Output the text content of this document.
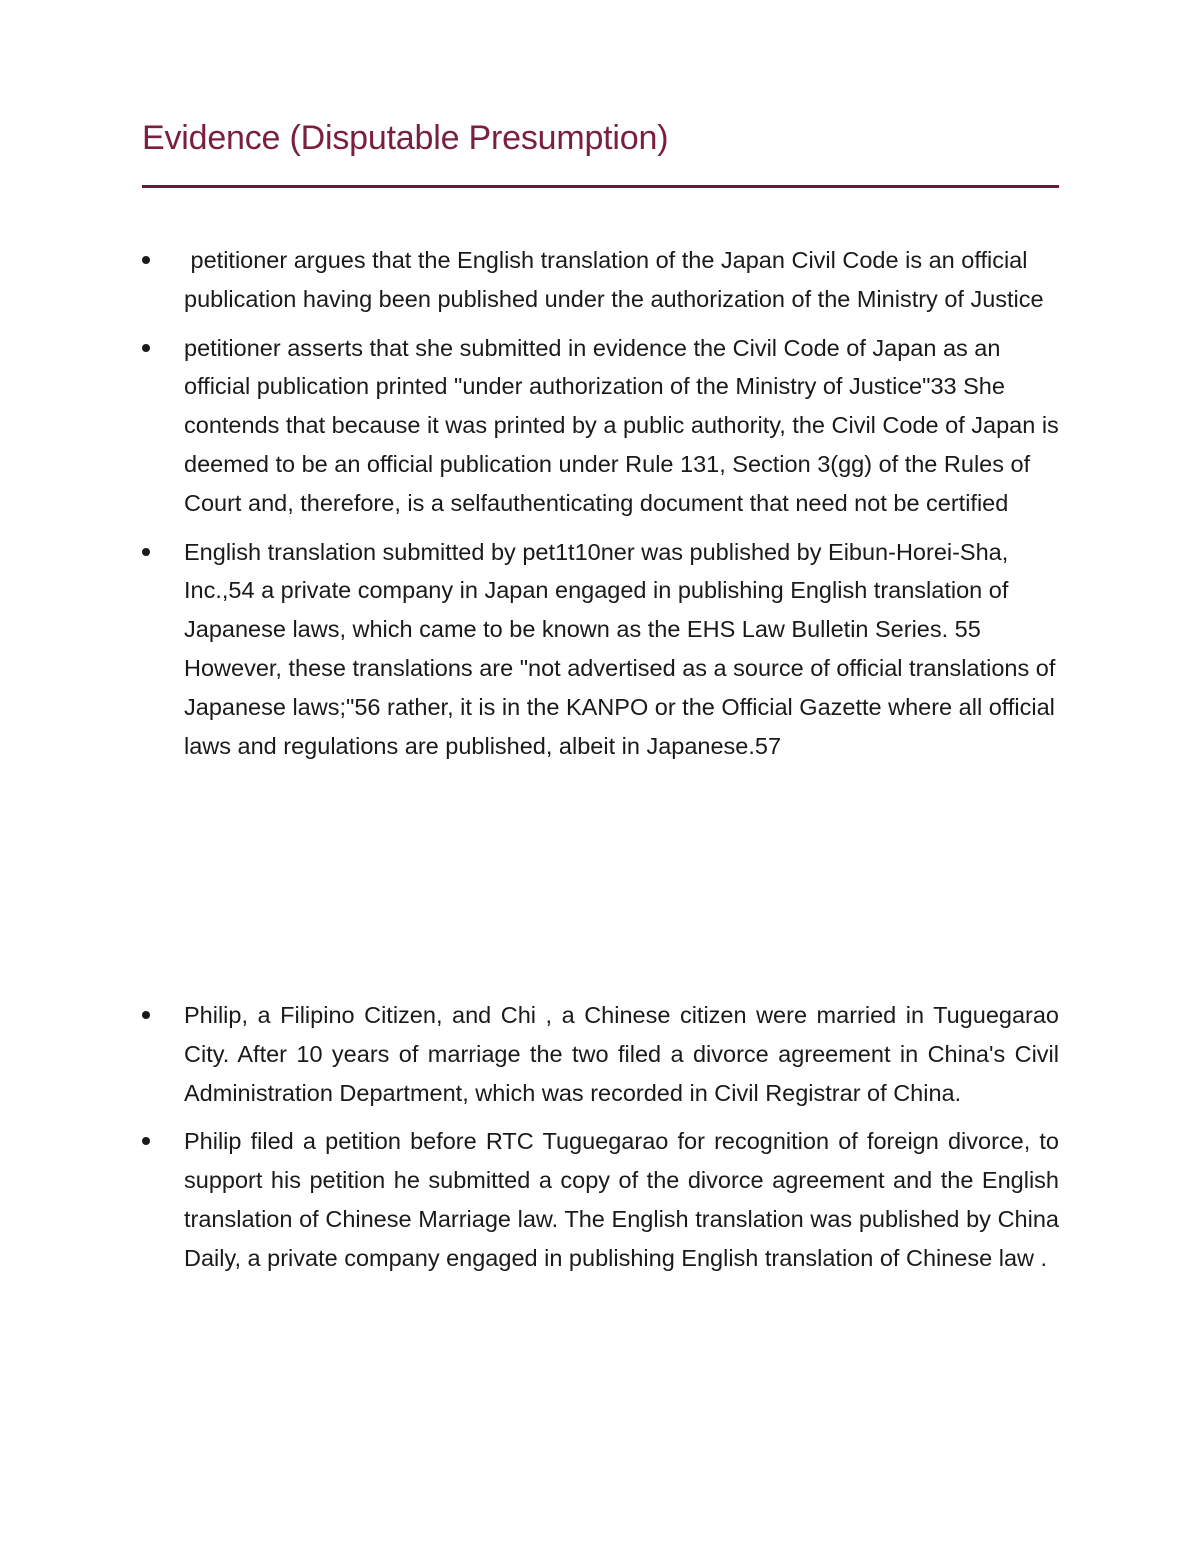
Evidence (Disputable Presumption)
petitioner argues that the English translation of the Japan Civil Code is an official publication having been published under the authorization of the Ministry of Justice
petitioner asserts that she submitted in evidence the Civil Code of Japan as an official publication printed "under authorization of the Ministry of Justice"33 She contends that because it was printed by a public authority, the Civil Code of Japan is deemed to be an official publication under Rule 131, Section 3(gg) of the Rules of Court and, therefore, is a selfauthenticating document that need not be certified
English translation submitted by pet1t10ner was published by Eibun-Horei-Sha, Inc.,54 a private company in Japan engaged in publishing English translation of Japanese laws, which came to be known as the EHS Law Bulletin Series. 55 However, these translations are "not advertised as a source of official translations of Japanese laws;"56 rather, it is in the KANPO or the Official Gazette where all official laws and regulations are published, albeit in Japanese.57
Philip, a Filipino Citizen, and Chi , a Chinese citizen were married in Tuguegarao City. After 10 years of marriage the two filed a divorce agreement in China's Civil Administration Department, which was recorded in Civil Registrar of China.
Philip filed a petition before RTC Tuguegarao for recognition of foreign divorce, to support his petition he submitted a copy of the divorce agreement and the English translation of Chinese Marriage law. The English translation was published by China Daily, a private company engaged in publishing English translation of Chinese law .
